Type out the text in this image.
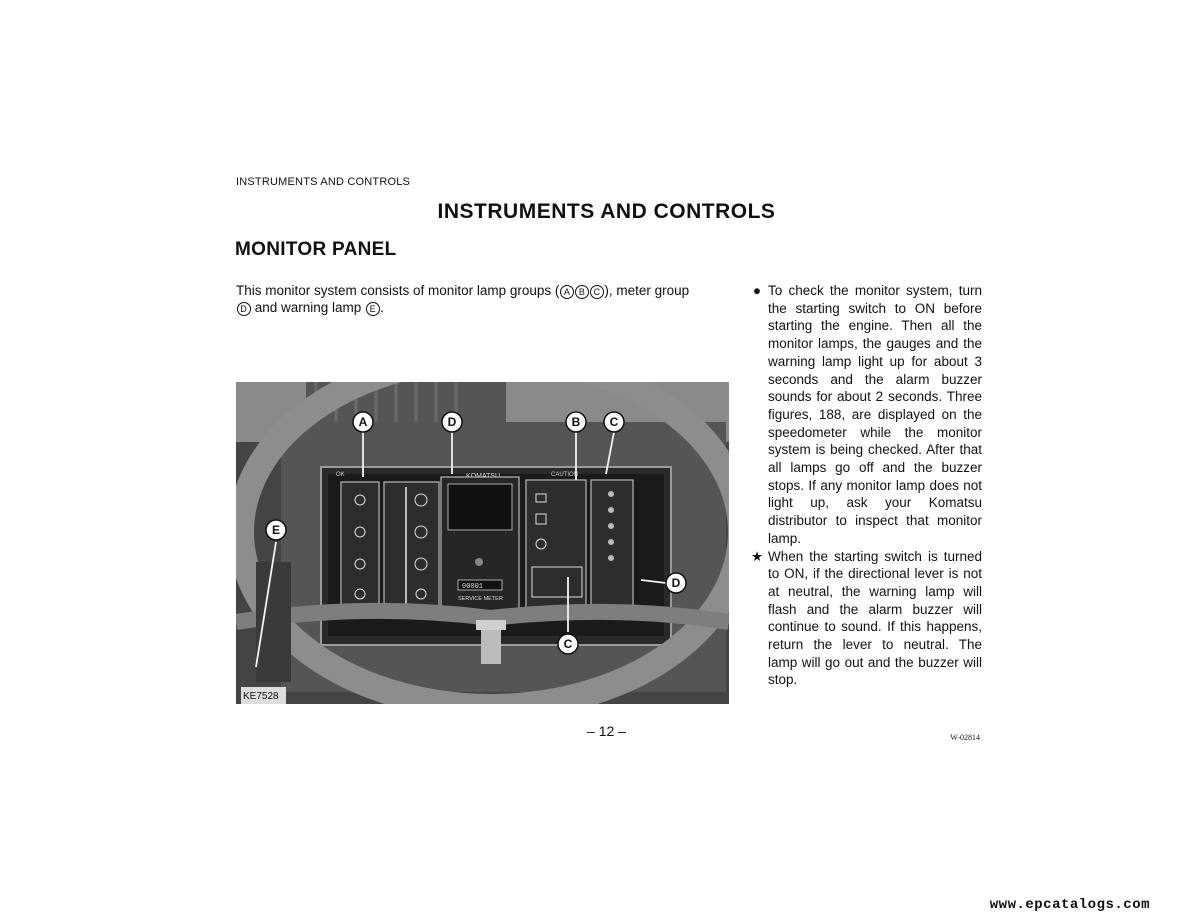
INSTRUMENTS AND CONTROLS
INSTRUMENTS AND CONTROLS
MONITOR PANEL
This monitor system consists of monitor lamp groups ( A B C ), meter group
D and warning lamp E .
CAUTION
OK
00001
SERVICE METER
KE7528
A	D	B C
C
D
E
● To check the monitor system, turn the starting switch to ON before starting the engine. Then all the monitor lamps, the gauges and the warning lamp light up for about 3 seconds and the alarm buzzer sounds for about 2 seconds. Three figures, 188, are displayed on the speedometer while the monitor system is being checked. After that all lamps go off and the buzzer stops. If any monitor lamp does not light up, ask your Komatsu distributor to inspect that monitor lamp.
★ When the starting switch is turned to ON, if the directional lever is not at neutral, the warning lamp will flash and the alarm buzzer will continue to sound. If this happens, return the lever to neutral. The lamp will go out and the buzzer will stop.
– 12 –	W-02814
www.epcatalogs.com
